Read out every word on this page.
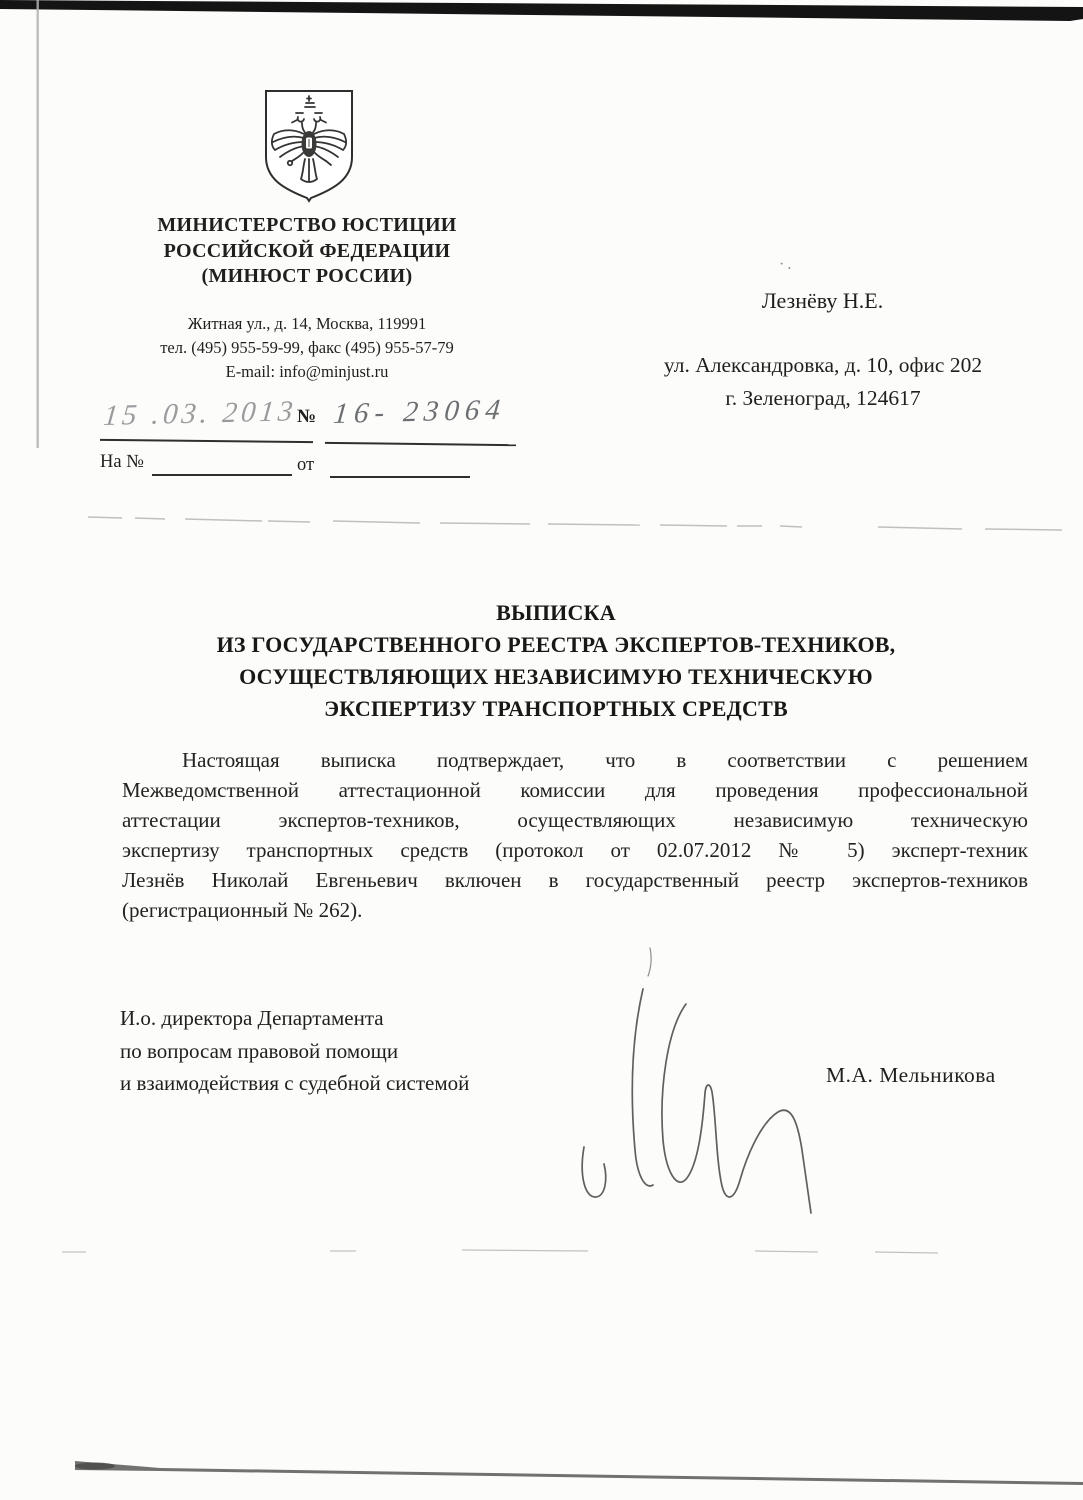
МИНИСТЕРСТВО ЮСТИЦИИ
РОССИЙСКОЙ ФЕДЕРАЦИИ
(МИНЮСТ РОССИИ)
Житная ул., д. 14, Москва, 119991
тел. (495) 955-59-99, факс (495) 955-57-79
E-mail: info@minjust.ru
15 .03. 2013
№ 16- 23064
На №	от
·.
Лезнёву Н.Е.
ул. Александровка, д. 10, офис 202
г. Зеленоград, 124617
ВЫПИСКА
ИЗ ГОСУДАРСТВЕННОГО РЕЕСТРА ЭКСПЕРТОВ-ТЕХНИКОВ,
ОСУЩЕСТВЛЯЮЩИХ НЕЗАВИСИМУЮ ТЕХНИЧЕСКУЮ
ЭКСПЕРТИЗУ ТРАНСПОРТНЫХ СРЕДСТВ
Настоящая выписка подтверждает, что в соответствии с решением
Межведомственной аттестационной комиссии для проведения профессиональной
аттестации экспертов-техников, осуществляющих независимую техническую
экспертизу транспортных средств (протокол от 02.07.2012 № 5) эксперт-техник
Лезнёв Николай Евгеньевич включен в государственный реестр экспертов-техников
(регистрационный № 262).
И.о. директора Департамента
по вопросам правовой помощи
и взаимодействия с судебной системой	М.А. Мельникова
